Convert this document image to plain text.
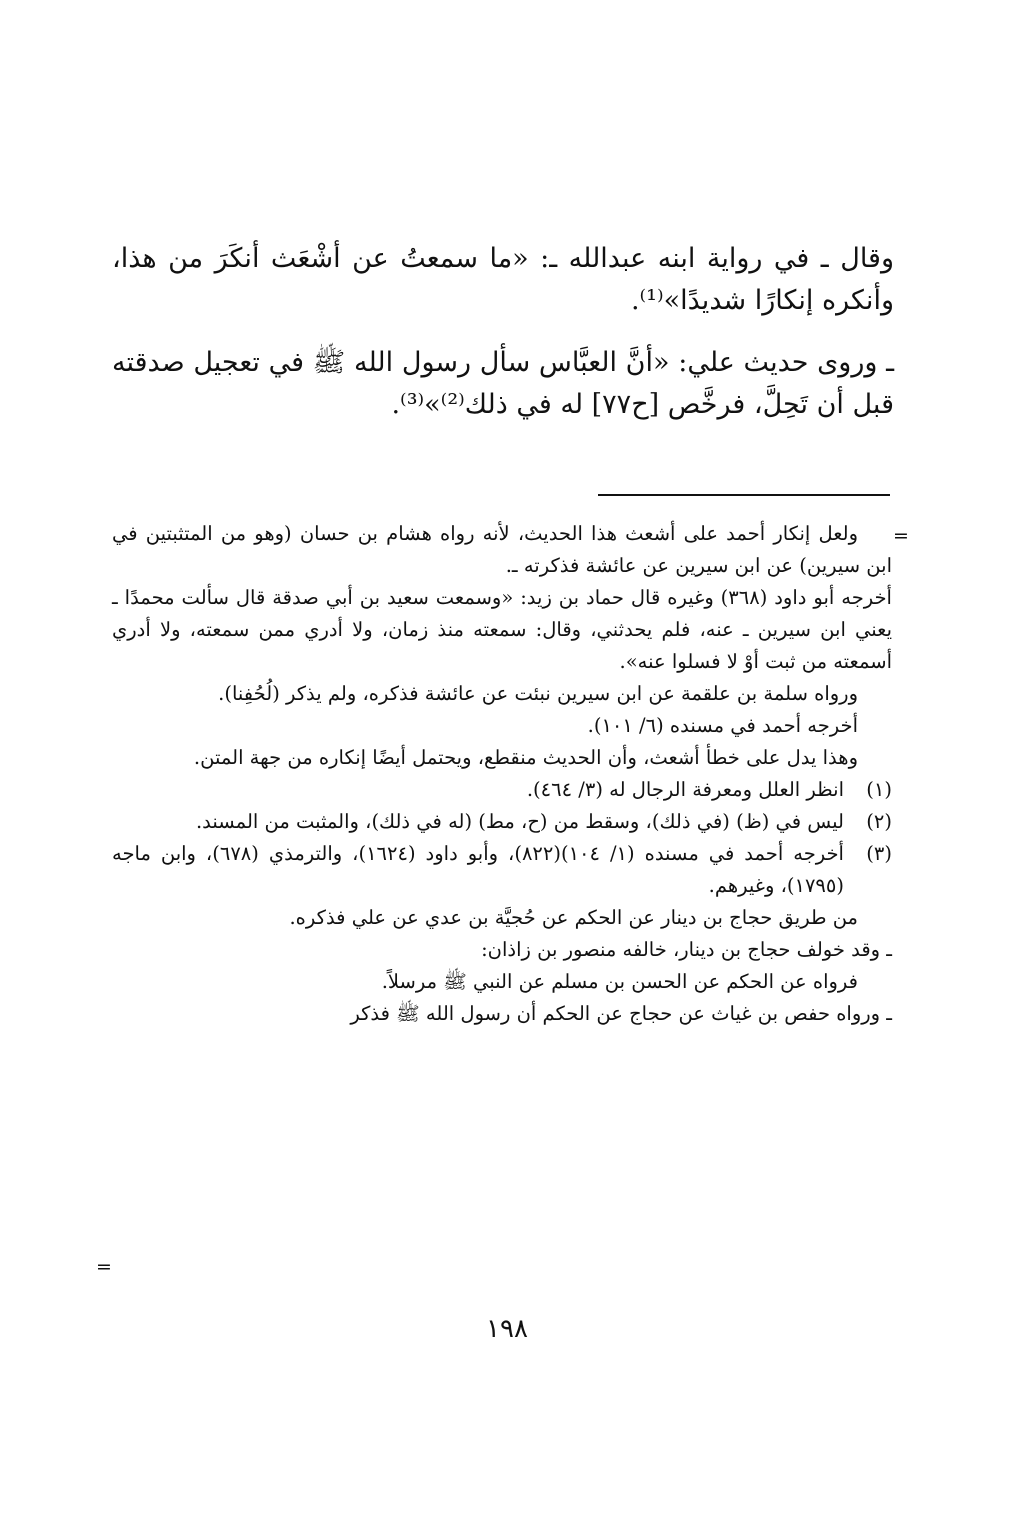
وقال ـ في رواية ابنه عبدالله ـ: «ما سمعتُ عن أشْعَث أنكَرَ من هذا، وأنكره إنكارًا شديدًا»⁽¹⁾.

ـ وروى حديث علي: «أنَّ العبَّاس سأل رسول الله ﷺ في تعجيل صدقته قبل أن تَحِلَّ، فرخَّص [ح٧٧] له في ذلك⁽²⁾»⁽³⁾.

=

ولعل إنكار أحمد على أشعث هذا الحديث، لأنه رواه هشام بن حسان (وهو من المتثبتين في ابن سيرين) عن ابن سيرين عن عائشة فذكرته ـ.

أخرجه أبو داود (٣٦٨) وغيره قال حماد بن زيد: «وسمعت سعيد بن أبي صدقة قال سألت محمدًا ـ يعني ابن سيرين ـ عنه، فلم يحدثني، وقال: سمعته منذ زمان، ولا أدري ممن سمعته، ولا أدري أسمعته من ثبت أوْ لا فسلوا عنه».

ورواه سلمة بن علقمة عن ابن سيرين نبئت عن عائشة فذكره، ولم يذكر (لُحُفِنا).

أخرجه أحمد في مسنده (٦/ ١٠١).

وهذا يدل على خطأ أشعث، وأن الحديث منقطع، ويحتمل أيضًا إنكاره من جهة المتن.

(١)
انظر العلل ومعرفة الرجال له (٣/ ٤٦٤).
(٢)
ليس في (ظ) (في ذلك)، وسقط من (ح، مط) (له في ذلك)، والمثبت من المسند.
(٣)
أخرجه أحمد في مسنده (١/ ١٠٤)(٨٢٢)، وأبو داود (١٦٢٤)، والترمذي (٦٧٨)، وابن ماجه (١٧٩٥)، وغيرهم.

من طريق حجاج بن دينار عن الحكم عن حُجيَّة بن عدي عن علي فذكره.

ـ وقد خولف حجاج بن دينار، خالفه منصور بن زاذان:

فرواه عن الحكم عن الحسن بن مسلم عن النبي ﷺ مرسلاً.

ـ ورواه حفص بن غياث عن حجاج عن الحكم أن رسول الله ﷺ فذكر

=
١٩٨
